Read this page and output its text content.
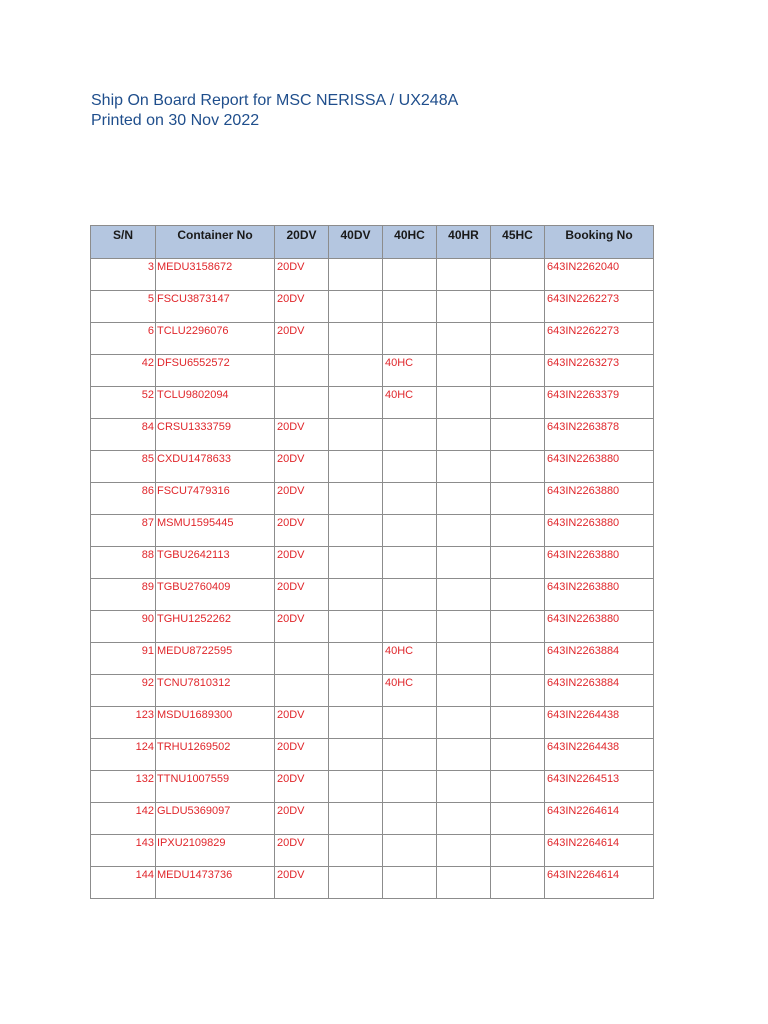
Ship On Board Report for MSC NERISSA / UX248A
Printed on 30 Nov 2022
S/N	Container No	20DV	40DV	40HC	40HR	45HC	Booking No
3	MEDU3158672	20DV					643IN2262040
5	FSCU3873147	20DV					643IN2262273
6	TCLU2296076	20DV					643IN2262273
42	DFSU6552572			40HC			643IN2263273
52	TCLU9802094			40HC			643IN2263379
84	CRSU1333759	20DV					643IN2263878
85	CXDU1478633	20DV					643IN2263880
86	FSCU7479316	20DV					643IN2263880
87	MSMU1595445	20DV					643IN2263880
88	TGBU2642113	20DV					643IN2263880
89	TGBU2760409	20DV					643IN2263880
90	TGHU1252262	20DV					643IN2263880
91	MEDU8722595			40HC			643IN2263884
92	TCNU7810312			40HC			643IN2263884
123	MSDU1689300	20DV					643IN2264438
124	TRHU1269502	20DV					643IN2264438
132	TTNU1007559	20DV					643IN2264513
142	GLDU5369097	20DV					643IN2264614
143	IPXU2109829	20DV					643IN2264614
144	MEDU1473736	20DV					643IN2264614
